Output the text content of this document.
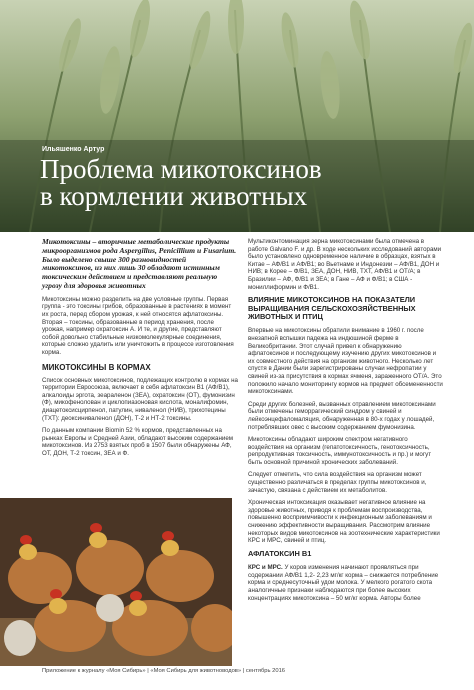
Ильяшенко Артур
Проблема микотоксинов
в кормлении животных
Микотоксины – вторичные метаболические продукты микроорганизмов рода Aspergillus, Penicillium и Fusarium. Было выделено свыше 300 разновидностей микотоксинов, из них лишь 30 обладают истинным токсическим действием и представляют реальную угрозу для здоровья животных

Микотоксины можно разделить на две условные группы. Первая группа - это токсины грибов, образованные в растениях в момент их роста, перед сбором урожая, к ней относятся афлатоксины. Вторая – токсины, образованные в период хранения, после урожая, например охратоксин А. И те, и другие, представляют собой довольно стабильные низкомолекулярные соединения, которые сложно удалить или уничтожить в процессе изготовления корма.

МИКОТОКСИНЫ В КОРМАХ

Список основных микотоксинов, подлежащих контролю в кормах на территории Евросоюза, включает в себя афлатоксин В1 (АФ/В1), алкалоиды эргота, зеараленон (ЗЕА), охратоксин (ОТ), фумонизин (Ф), микофенолован и циклопиазоновая кислота, моналифомин, диацетоксисцирпенол, патулин, ниваленол (НИВ), трихотецины (ТХТ): деоксиниваленол (ДОН), Т-2 и НТ-2 токсины.

По данным компании Biomin 52 % кормов, представленных на рынках Европы и Средней Азии, обладают высоким содержанием микотоксинов. Из 2753 взятых проб в 1507 были обнаружены АФ, ОТ, ДОН, Т-2 токсин, ЗЕА и Ф.

Мультиконтоминация зерна микотоксинами была отмечена в работе Galvano F. и др. В ходе нескольких исследований авторами было установлено одновременное наличие в образцах, взятых в Китае – АФ/В1 и АФ/В1; во Вьетнаме и Индонезии – АФ/В1, ДОН и НИВ; в Корее – Ф/В1, ЗЕА, ДОН, НИВ, ТХТ, АФ/В1 и ОТ/А; в Бразилии – АФ, Ф/В1 и ЗЕА; в Гане – АФ и Ф/В1; в США - мониллиформин и Ф/В1.

ВЛИЯНИЕ МИКОТОКСИНОВ НА ПОКАЗАТЕЛИ ВЫРАЩИВАНИЯ СЕЛЬСКОХОЗЯЙСТВЕННЫХ ЖИВОТНЫХ И ПТИЦ

Впервые на микотоксины обратили внимание в 1960 г. после внезапной вспышки падежа на индюшиной ферме в Великобритании. Этот случай привел к обнаружению афлатоксинов и последующему изучению других микотоксинов и их совместного действия на организм животного. Несколько лет спустя в Дании были зарегистрированы случаи нефропатии у свиней из-за присутствия в кормах ячменя, зараженного ОТ/А. Это положило начало мониторингу кормов на предмет обсемененности микотоксинами.

Среди других болезней, вызванных отравлением микотоксинами были отмечены геморрагический синдром у свиней и лейкоэнцефаломаляция, обнаруженная в 80-х годах у лошадей, потреблявших овес с высоким содержанием фумонизина.

Микотоксины обладают широким спектром негативного воздействия на организм (гепатотоксичность, генотоксичность, репродуктивная токсичность, иммунотоксичность и пр.) и могут быть основной причиной хронических заболеваний.

Следует отметить, что сила воздействия на организм может существенно различаться в пределах группы микотоксинов и, зачастую, связана с действием их метаболитов.

Хроническая интоксикация оказывает негативное влияние на здоровье животных, приводя к проблемам воспроизводства, повышенно восприимчивости к инфекционным заболеваниям и снижению эффективности выращивания. Рассмотрим влияние некоторых видов микотоксинов на зоотехнические характеристики КРС и МРС, свиней и птиц.

АФЛАТОКСИН В1

КРС и МРС. У коров изменения начинают проявляться при содержании АФ/В1 1,2- 2,23 мг/кг корма – снижается потребление корма и среднесуточный удои молока. У мелкого рогатого скота аналогичные признаки наблюдаются при более высоких концентрациях микотоксина – 50 мг/кг корма. Авторы более

Приложение к журналу «Моя Сибирь» | «Моя Сибирь для животноводов» | сентябрь 2016
